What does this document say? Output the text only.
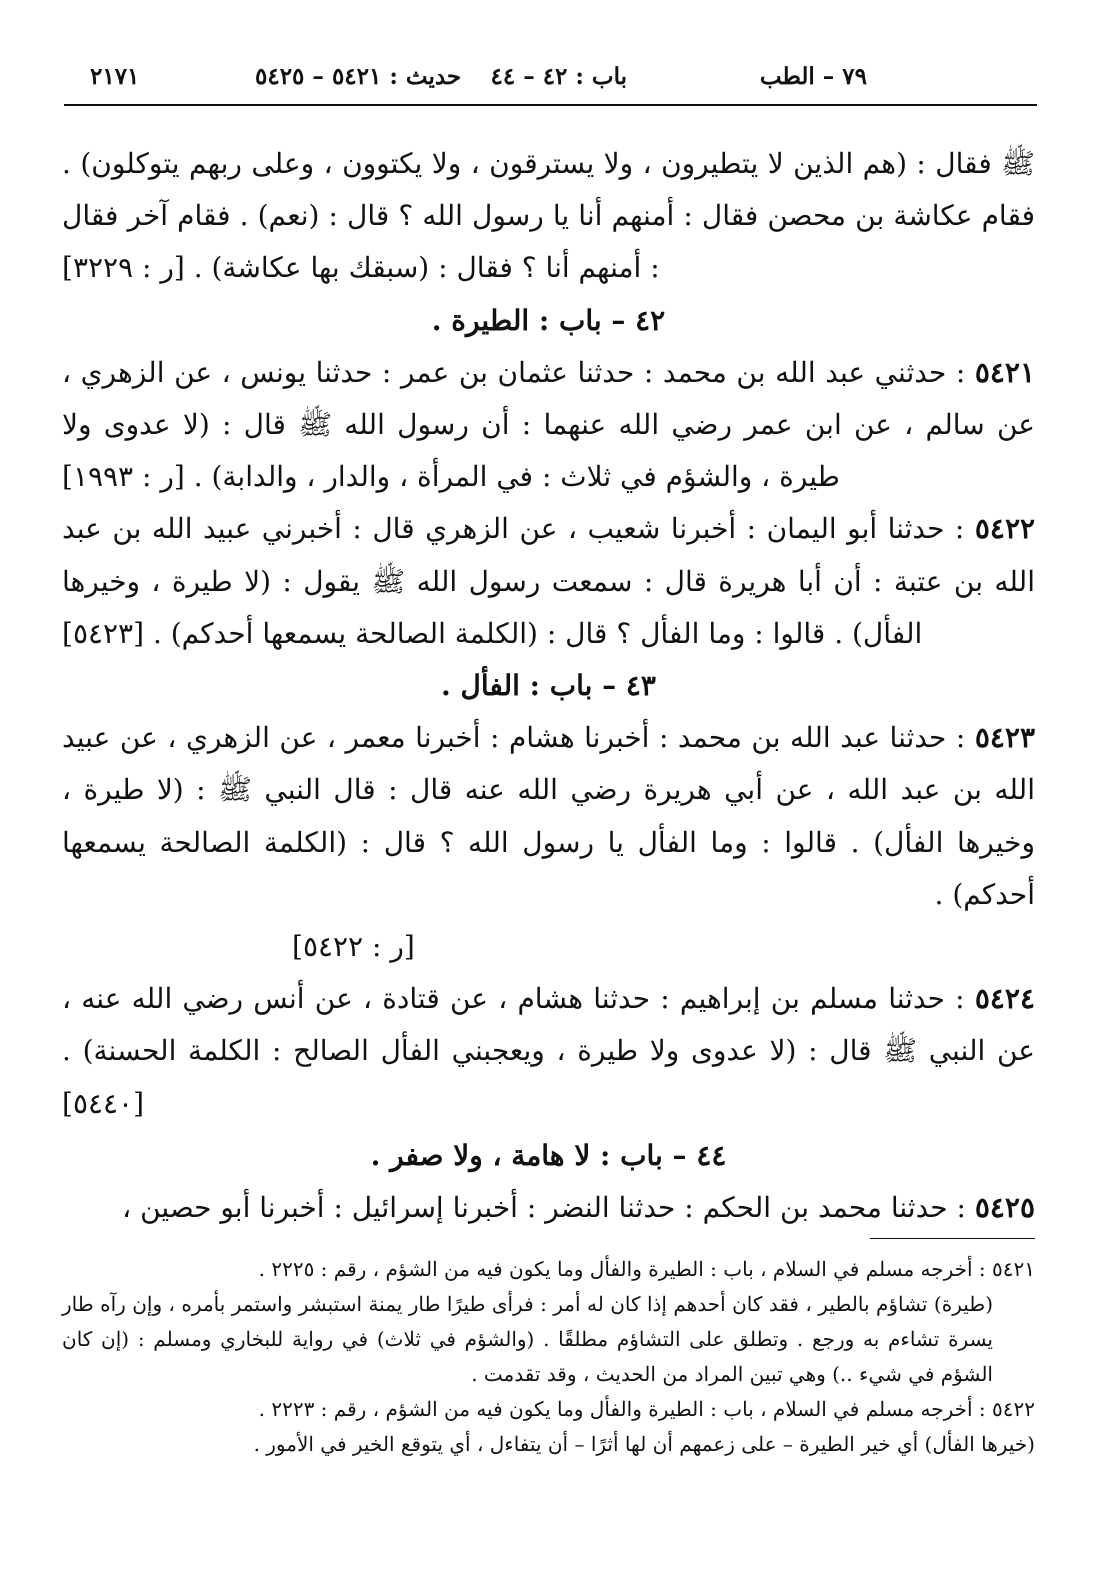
٧٩ – الطب
باب : ٤٢ – ٤٤
حديث : ٥٤٢١ – ٥٤٢٥
٢١٧١

ﷺ فقال : (هم الذين لا يتطيرون ، ولا يسترقون ، ولا يكتوون ، وعلى ربهم يتوكلون) . فقام عكاشة بن محصن فقال : أمنهم أنا يا رسول الله ؟ قال : (نعم) . فقام آخر فقال : أمنهم أنا ؟ فقال : (سبقك بها عكاشة) . [ر : ٣٢٢٩]

٤٢ – باب : الطيرة .

٥٤٢١ : حدثني عبد الله بن محمد : حدثنا عثمان بن عمر : حدثنا يونس ، عن الزهري ، عن سالم ، عن ابن عمر رضي الله عنهما : أن رسول الله ﷺ قال : (لا عدوى ولا طيرة ، والشؤم في ثلاث : في المرأة ، والدار ، والدابة) . [ر : ١٩٩٣]

٥٤٢٢ : حدثنا أبو اليمان : أخبرنا شعيب ، عن الزهري قال : أخبرني عبيد الله بن عبد الله بن عتبة : أن أبا هريرة قال : سمعت رسول الله ﷺ يقول : (لا طيرة ، وخيرها الفأل) . قالوا : وما الفأل ؟ قال : (الكلمة الصالحة يسمعها أحدكم) . [٥٤٢٣]

٤٣ – باب : الفأل .

٥٤٢٣ : حدثنا عبد الله بن محمد : أخبرنا هشام : أخبرنا معمر ، عن الزهري ، عن عبيد الله بن عبد الله ، عن أبي هريرة رضي الله عنه قال : قال النبي ﷺ : (لا طيرة ، وخيرها الفأل) . قالوا : وما الفأل يا رسول الله ؟ قال : (الكلمة الصالحة يسمعها أحدكم) .

[ر : ٥٤٢٢]

٥٤٢٤ : حدثنا مسلم بن إبراهيم : حدثنا هشام ، عن قتادة ، عن أنس رضي الله عنه ، عن النبي ﷺ قال : (لا عدوى ولا طيرة ، ويعجبني الفأل الصالح : الكلمة الحسنة) . [٥٤٤٠]

٤٤ – باب : لا هامة ، ولا صفر .

٥٤٢٥ : حدثنا محمد بن الحكم : حدثنا النضر : أخبرنا إسرائيل : أخبرنا أبو حصين ،

٥٤٢١ : أخرجه مسلم في السلام ، باب : الطيرة والفأل وما يكون فيه من الشؤم ، رقم : ٢٢٢٥ .

(طيرة) تشاؤم بالطير ، فقد كان أحدهم إذا كان له أمر : فرأى طيرًا طار يمنة استبشر واستمر بأمره ، وإن رآه طار يسرة تشاءم به ورجع . وتطلق على التشاؤم مطلقًا . (والشؤم في ثلاث) في رواية للبخاري ومسلم : (إن كان الشؤم في شيء ..) وهي تبين المراد من الحديث ، وقد تقدمت .

٥٤٢٢ : أخرجه مسلم في السلام ، باب : الطيرة والفأل وما يكون فيه من الشؤم ، رقم : ٢٢٢٣ .

(خيرها الفأل) أي خير الطيرة – على زعمهم أن لها أثرًا – أن يتفاءل ، أي يتوقع الخير في الأمور .
